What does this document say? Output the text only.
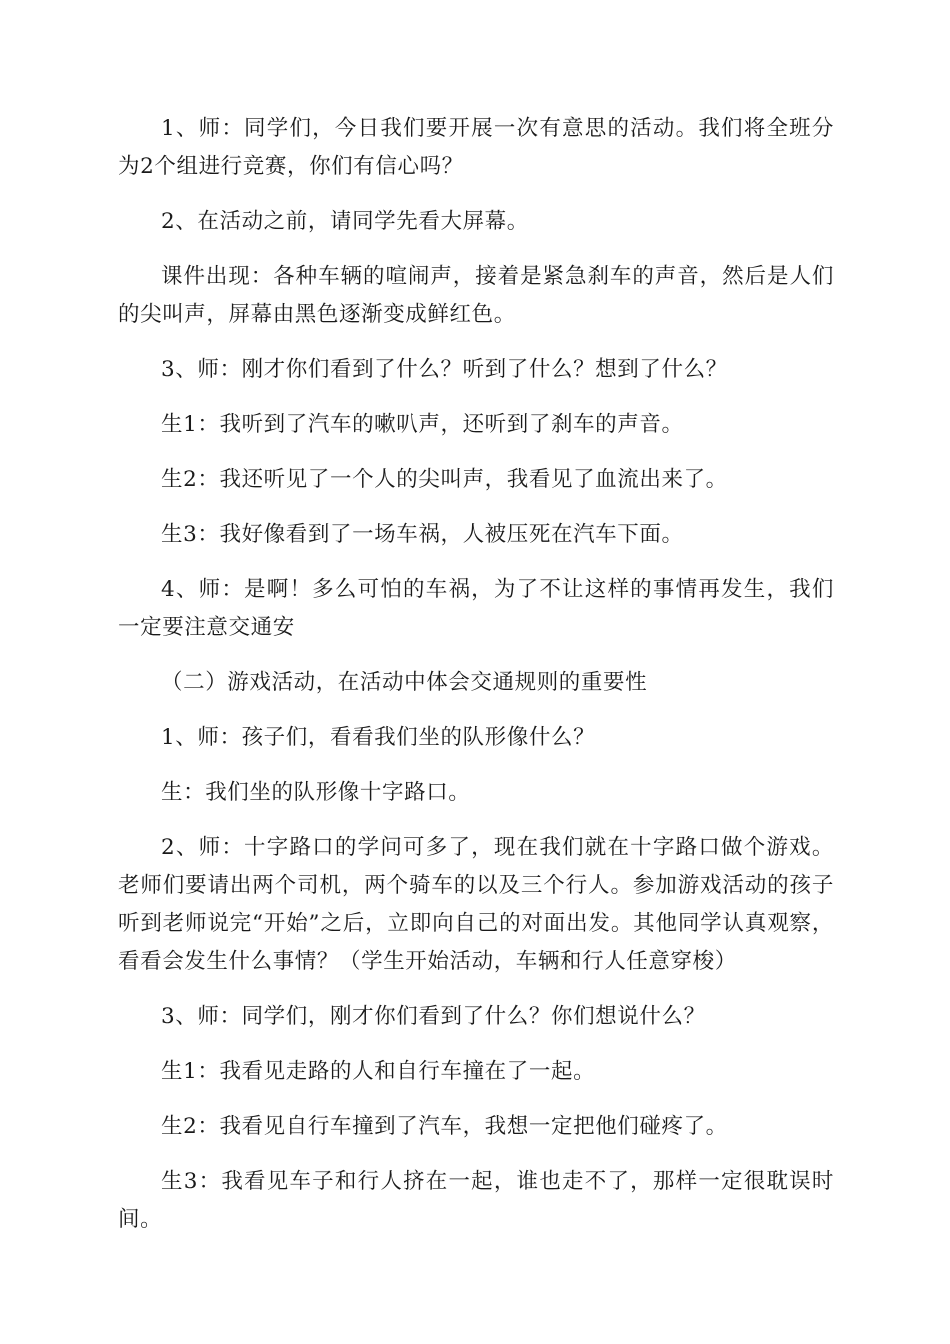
1、师：同学们，今日我们要开展一次有意思的活动。我们将全班分为2个组进行竞赛，你们有信心吗？

2、在活动之前，请同学先看大屏幕。

课件出现：各种车辆的喧闹声，接着是紧急刹车的声音，然后是人们的尖叫声，屏幕由黑色逐渐变成鲜红色。

3、师：刚才你们看到了什么？听到了什么？想到了什么？

生1：我听到了汽车的嗽叭声，还听到了刹车的声音。

生2：我还听见了一个人的尖叫声，我看见了血流出来了。

生3：我好像看到了一场车祸，人被压死在汽车下面。

4、师：是啊！多么可怕的车祸，为了不让这样的事情再发生，我们一定要注意交通安

（二）游戏活动，在活动中体会交通规则的重要性

1、师：孩子们，看看我们坐的队形像什么？

生：我们坐的队形像十字路口。

2、师：十字路口的学问可多了，现在我们就在十字路口做个游戏。老师们要请出两个司机，两个骑车的以及三个行人。参加游戏活动的孩子听到老师说完“开始”之后，立即向自己的对面出发。其他同学认真观察，看看会发生什么事情？（学生开始活动，车辆和行人任意穿梭）

3、师：同学们，刚才你们看到了什么？你们想说什么？

生1：我看见走路的人和自行车撞在了一起。

生2：我看见自行车撞到了汽车，我想一定把他们碰疼了。

生3：我看见车子和行人挤在一起，谁也走不了，那样一定很耽误时间。
